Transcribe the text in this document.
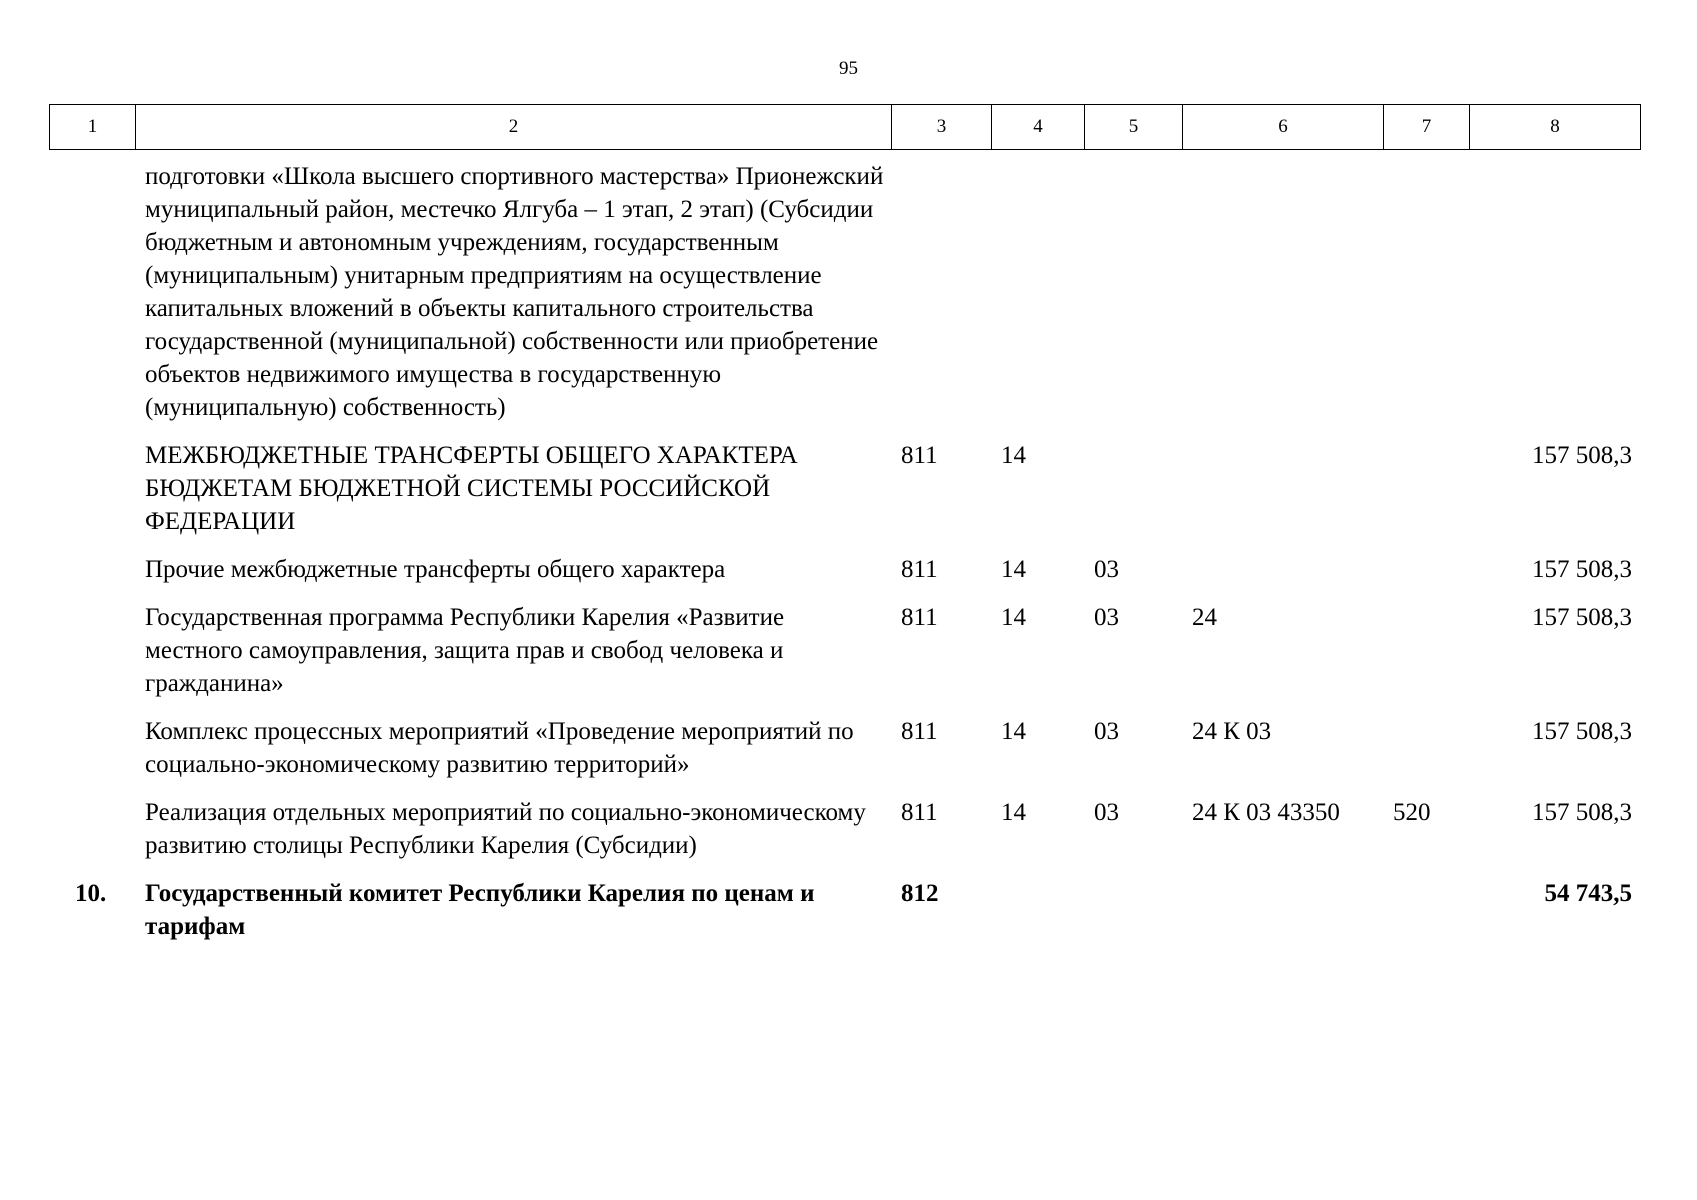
95
1	2	3	4	5	6	7	8
	подготовки «Школа высшего спортивного мастерства» Прионежский муниципальный район, местечко Ялгуба – 1 этап, 2 этап) (Субсидии бюджетным и автономным учреждениям, государственным (муниципальным) унитарным предприятиям на осуществление капитальных вложений в объекты капитального строительства государственной (муниципальной) собственности или приобретение объектов недвижимого имущества в государственную (муниципальную) собственность)						
	МЕЖБЮДЖЕТНЫЕ ТРАНСФЕРТЫ ОБЩЕГО ХАРАКТЕРА БЮДЖЕТАМ БЮДЖЕТНОЙ СИСТЕМЫ РОССИЙСКОЙ ФЕДЕРАЦИИ	811	14				157 508,3
	Прочие межбюджетные трансферты общего характера	811	14	03			157 508,3
	Государственная программа Республики Карелия «Развитие местного самоуправления, защита прав и свобод человека и гражданина»	811	14	03	24		157 508,3
	Комплекс процессных мероприятий «Проведение мероприятий по социально-экономическому развитию территорий»	811	14	03	24 К 03		157 508,3
	Реализация отдельных мероприятий по социально-экономическому развитию столицы Республики Карелия (Субсидии)	811	14	03	24 К 03 43350	520	157 508,3
10.	Государственный комитет Республики Карелия по ценам и тарифам	812					54 743,5
